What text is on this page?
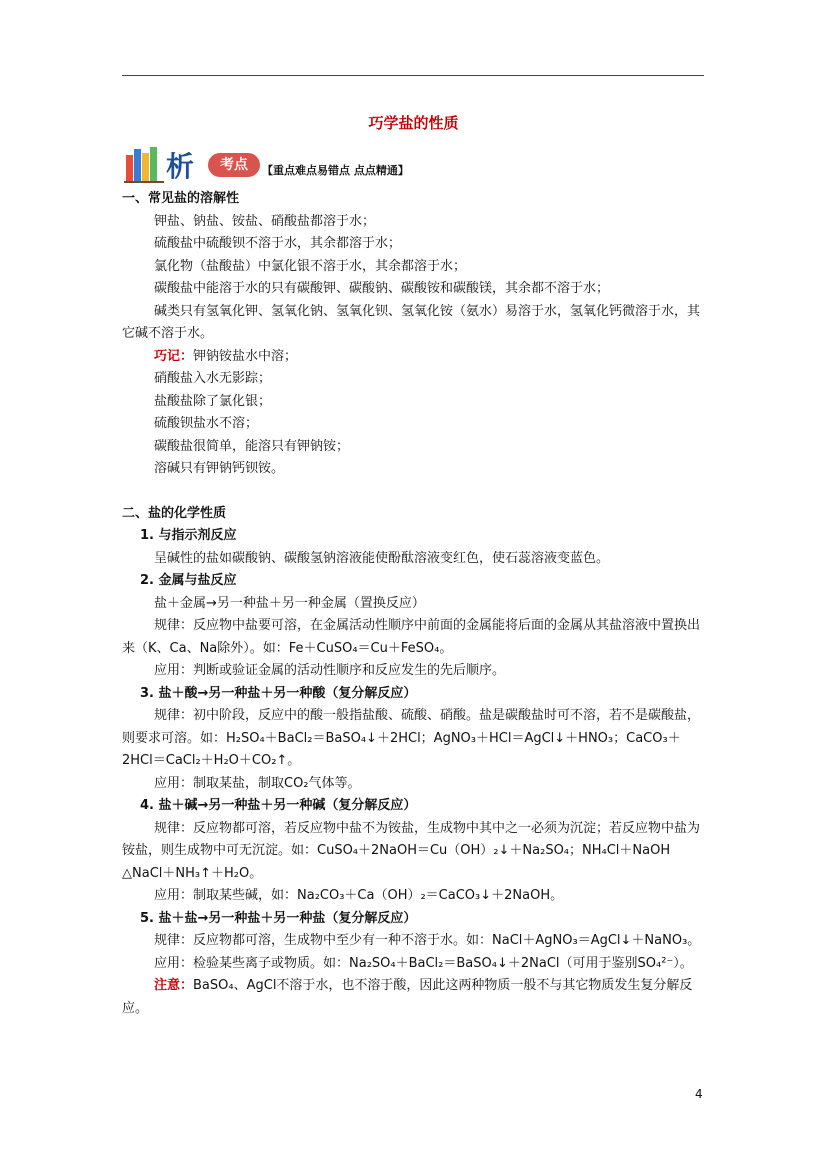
巧学盐的性质
析	考点	【重点难点易错点 点点精通】

一、常见盐的溶解性

钾盐、钠盐、铵盐、硝酸盐都溶于水；

硫酸盐中硫酸钡不溶于水，其余都溶于水；

氯化物（盐酸盐）中氯化银不溶于水，其余都溶于水；

碳酸盐中能溶于水的只有碳酸钾、碳酸钠、碳酸铵和碳酸镁，其余都不溶于水；

碱类只有氢氧化钾、氢氧化钠、氢氧化钡、氢氧化铵（氨水）易溶于水，氢氧化钙微溶于水，其它碱不溶于水。

巧记：钾钠铵盐水中溶；

硝酸盐入水无影踪；

盐酸盐除了氯化银；

硫酸钡盐水不溶；

碳酸盐很简单，能溶只有钾钠铵；

溶碱只有钾钠钙钡铵。

二、盐的化学性质

1. 与指示剂反应

呈碱性的盐如碳酸钠、碳酸氢钠溶液能使酚酞溶液变红色，使石蕊溶液变蓝色。

2. 金属与盐反应

盐＋金属→另一种盐＋另一种金属（置换反应）

规律：反应物中盐要可溶，在金属活动性顺序中前面的金属能将后面的金属从其盐溶液中置换出来（K、Ca、Na除外）。如：Fe＋CuSO₄＝Cu＋FeSO₄。

应用：判断或验证金属的活动性顺序和反应发生的先后顺序。

3. 盐＋酸→另一种盐＋另一种酸（复分解反应）

规律：初中阶段，反应中的酸一般指盐酸、硫酸、硝酸。盐是碳酸盐时可不溶，若不是碳酸盐，则要求可溶。如：H₂SO₄＋BaCl₂＝BaSO₄↓＋2HCl；AgNO₃＋HCl＝AgCl↓＋HNO₃；CaCO₃＋2HCl＝CaCl₂＋H₂O＋CO₂↑。

应用：制取某盐，制取CO₂气体等。

4. 盐＋碱→另一种盐＋另一种碱（复分解反应）

规律：反应物都可溶，若反应物中盐不为铵盐，生成物中其中之一必须为沉淀；若反应物中盐为铵盐，则生成物中可无沉淀。如：CuSO₄＋2NaOH＝Cu（OH）₂↓＋Na₂SO₄；NH₄Cl＋NaOH

△NaCl＋NH₃↑＋H₂O。

应用：制取某些碱，如：Na₂CO₃＋Ca（OH）₂＝CaCO₃↓＋2NaOH。

5. 盐＋盐→另一种盐＋另一种盐（复分解反应）

规律：反应物都可溶，生成物中至少有一种不溶于水。如：NaCl＋AgNO₃＝AgCl↓＋NaNO₃。

应用：检验某些离子或物质。如：Na₂SO₄＋BaCl₂＝BaSO₄↓＋2NaCl（可用于鉴别SO₄²⁻）。

注意：BaSO₄、AgCl不溶于水，也不溶于酸，因此这两种物质一般不与其它物质发生复分解反应。

4
